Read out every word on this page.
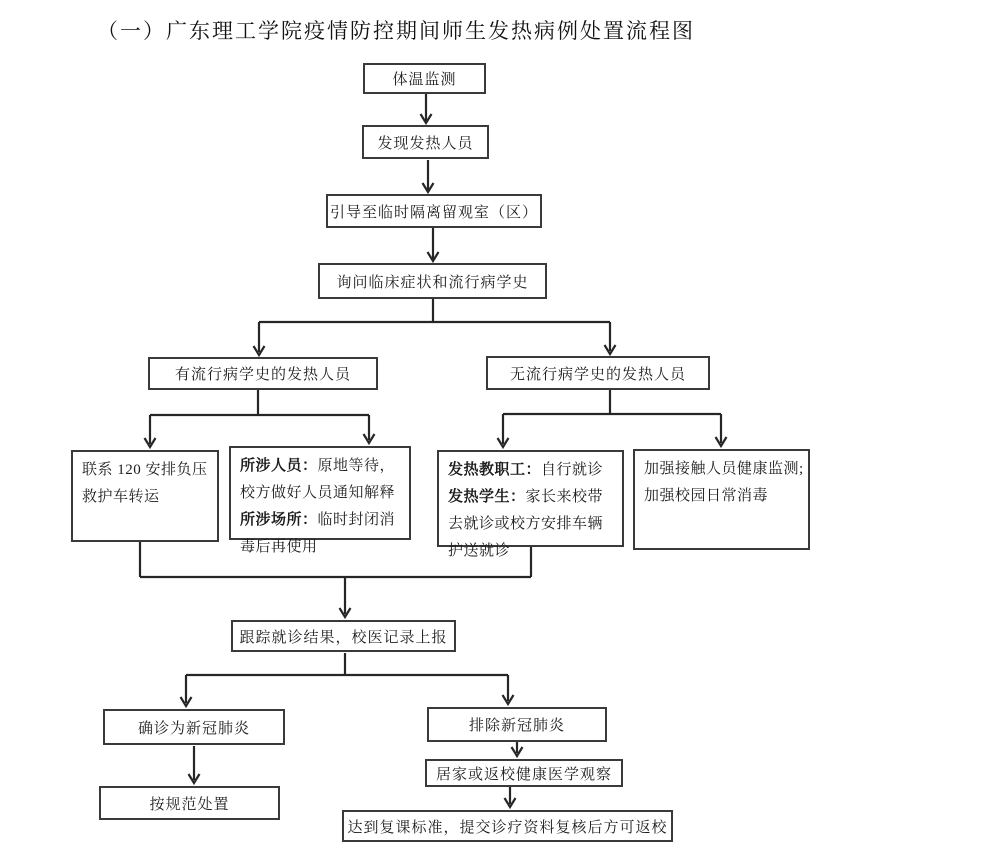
（一）广东理工学院疫情防控期间师生发热病例处置流程图
体温监测
发现发热人员
引导至临时隔离留观室（区）
询问临床症状和流行病学史
有流行病学史的发热人员	无流行病学史的发热人员
联系 120 安排负压救护车转运
所涉人员：原地等待，校方做好人员通知解释
所涉场所：临时封闭消毒后再使用
发热教职工：自行就诊
发热学生：家长来校带去就诊或校方安排车辆护送就诊
加强接触人员健康监测;
加强校园日常消毒
跟踪就诊结果，校医记录上报
确诊为新冠肺炎	排除新冠肺炎
按规范处置
居家或返校健康医学观察
达到复课标准，提交诊疗资料复核后方可返校
